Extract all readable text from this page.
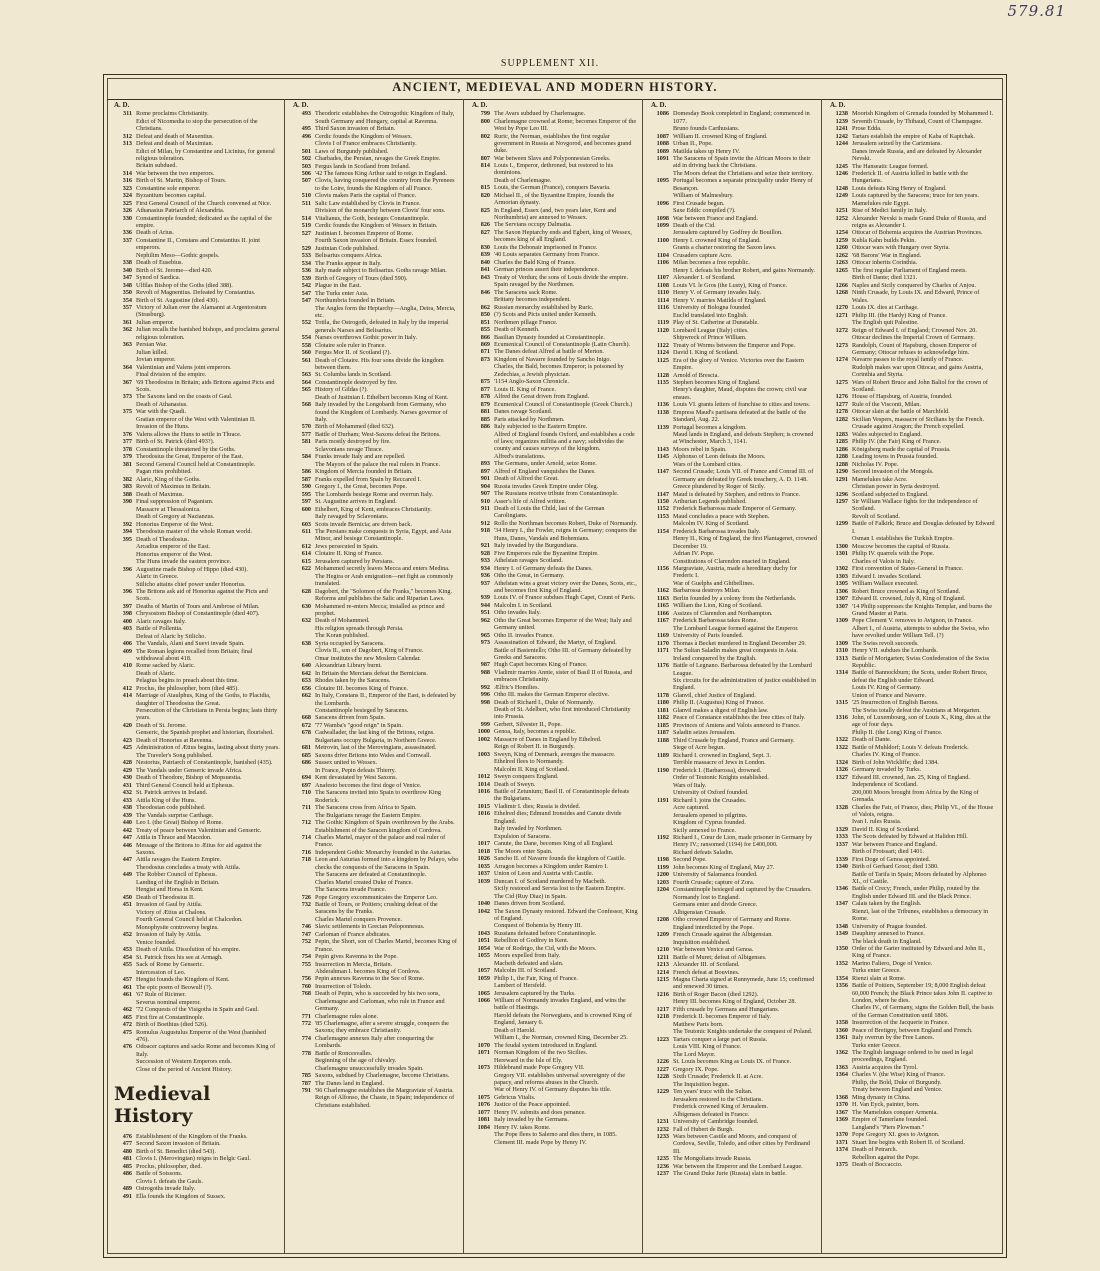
579.81
SUPPLEMENT XII.
ANCIENT, MEDIEVAL AND MODERN HISTORY.
A. D.
311 Rome proclaims Christianity.
Edict of Nicomedia to stop the persecution of the Christians.
312 Defeat and death of Maxentius.
313 Defeat and death of Maximian.
Edict of Milan, by Constantine and Licinius, for general religious toleration.
Britain subdued.
314 War between the two emperors.
316 Birth of St. Martin, Bishop of Tours.
323 Constantine sole emperor.
324 Byzantium becomes capital.
325 First General Council of the Church convened at Nice.
326 Athanasius Patriarch of Alexandria.
330 Constantinople founded; dedicated as the capital of the empire.
336 Death of Arius.
337 Constantine II., Constans and Constantius II. joint emperors.
Nephilim Meso—Gothic gospels.
338 Death of Eusebius.
340 Birth of St. Jerome—died 420.
347 Synod of Sardica.
348 Ulfilas Bishop of the Goths (died 388).
350 Revolt of Magnentius. Defeated by Constantius.
354 Birth of St. Augustine (died 430).
357 Victory of Julian over the Alamanni at Argentoratum (Strasburg).
361 Julian emperor.
362 Julian recalls the banished bishops, and proclaims general religious toleration.
363 Persian War.
Julian killed.
Jovian emperor.
364 Valentinian and Valens joint emperors.
Final division of the empire.
367 '69 Theodosius in Britain; aids Britons against Picts and Scots.
373 The Saxons land on the coasts of Gaul.
Death of Athanasius.
375 War with the Quadi.
Gratian emperor of the West with Valentinian II.
Invasion of the Huns.
376 Valens allows the Huns to settle in Thrace.
377 Birth of St. Patrick (died 493?).
378 Constantinople threatened by the Goths.
379 Theodosius the Great, Emperor of the East.
381 Second General Council held at Constantinople.
Pagan rites prohibited.
382 Alaric, King of the Goths.
383 Revolt of Maximus in Britain.
388 Death of Maximus.
390 Final suppression of Paganism.
Massacre at Thessalonica.
Death of Gregory at Nazianzus.
392 Honorius Emperor of the West.
394 Theodosius master of the whole Roman world.
395 Death of Theodosius.
Arcadius emperor of the East.
Honorius emperor of the West.
The Huns invade the eastern province.
396 Augustine made Bishop of Hippo (died 430).
Alaric in Greece.
Stilicho attains chief power under Honorius.
396 The Britons ask aid of Honorius against the Picts and Scots.
397 Deaths of Martin of Tours and Ambrose of Milan.
398 Chrysostom Bishop of Constantinople (died 407).
400 Alaric ravages Italy.
403 Battle of Pollentia.
Defeat of Alaric by Stilicho.
406 The Vandals, Alani and Suevi invade Spain.
409 The Roman legions recalled from Britain; final withdrawal about 418.
410 Rome sacked by Alaric.
Death of Alaric.
Pelagius begins to preach about this time.
412 Proclus, the philosopher, born (died 485).
414 Marriage of Ataulphus, King of the Goths, to Placidia, daughter of Theodosius the Great.
Persecution of the Christians in Persia begins; lasts thirty years.
420 Death of St. Jerome.
Genseric, the Spanish prophet and historian, flourished.
423 Death of Honorius at Ravenna.
425 Administration of Ætius begins, lasting about thirty years.
The Traveler's Song published.
428 Nestorius, Patriarch of Constantinople, banished (435).
429 The Vandals under Genseric invade Africa.
430 Death of Theodore, Bishop of Mopsuestia.
431 Third General Council held at Ephesus.
432 St. Patrick arrives in Ireland.
433 Attila King of the Huns.
438 Theodosian code published.
439 The Vandals surprise Carthage.
440 Leo I. (the Great) Bishop of Rome.
442 Treaty of peace between Valentinian and Genseric.
447 Attila in Thrace and Macedon.
446 Message of the Britons to Ætius for aid against the Saxons.
447 Attila ravages the Eastern Empire.
Theodosius concludes a treaty with Attila.
449 The Robber Council of Ephesus.
Landing of the English in Britain.
Hengist and Horsa in Kent.
450 Death of Theodosius II.
451 Invasion of Gaul by Attila.
Victory of Ætius at Chalons.
Fourth General Council held at Chalcedon.
Monophysite controversy begins.
452 Invasion of Italy by Attila.
Venice founded.
453 Death of Attila. Dissolution of his empire.
454 St. Patrick fixes his see at Armagh.
455 Sack of Rome by Genseric.
Intercession of Leo.
457 Hengist founds the Kingdom of Kent.
461 The epic poem of Beowulf (?).
461 '67 Rule of Ricimer.
Severus nominal emperor.
462 '72 Conquests of the Visigoths in Spain and Gaul.
465 First fire at Constantinople.
472 Birth of Boethius (died 526).
475 Romulus Augustulus Emperor of the West (banished 476).
476 Odoacer captures and sacks Rome and becomes King of Italy.
Succession of Western Emperors ends.
Close of the period of Ancient History.
Medieval History
476 Establishment of the Kingdom of the Franks.
477 Second Saxon invasion of Britain.
480 Birth of St. Benedict (died 543).
481 Clovis I. (Merovingian) reigns in Belgic Gaul.
485 Proclus, philosopher, died.
486 Battle of Soissons.
Clovis I. defeats the Gauls.
489 Ostrogoths invade Italy.
491 Ella founds the Kingdom of Sussex.
A. D.
493 Theodoric establishes the Ostrogothic Kingdom of Italy, South Germany and Hungary, capital at Ravenna.
495 Third Saxon invasion of Britain.
496 Cerdic founds the Kingdom of Wessex.
Clovis I of France embraces Christianity.
501 Laws of Burgundy published.
502 Charbades, the Persian, ravages the Greek Empire.
503 Fergus lands in Scotland from Ireland.
506 '42 The famous King Arthur said to reign in England.
507 Clovis, having conquered the country from the Pyrenees to the Loire, founds the Kingdom of all France.
510 Clovis makes Paris the capital of France.
511 Salic Law established by Clovis in France.
Division of the monarchy between Clovis' four sons.
514 Vitalianus, the Goth, besieges Constantinople.
519 Cerdic founds the Kingdom of Wessex in Britain.
527 Justinian I. becomes Emperor of Rome.
Fourth Saxon invasion of Britain. Essex founded.
529 Justinian Code published.
533 Belisarius conquers Africa.
534 The Franks appear in Italy.
536 Italy made subject to Belisarius. Goths ravage Milan.
539 Birth of Gregory of Tours (died 590).
542 Plague in the East.
547 The Turks enter Asia.
547 Northumbria founded in Britain.
The Angles form the Heptarchy—Anglia, Deira, Mercia, etc.
552 Totila, the Ostrogoth, defeated in Italy by the imperial generals Narses and Belisarius.
554 Narses overthrows Gothic power in Italy.
558 Clotaire sole ruler in France.
560 Fergus Mor II. of Scotland (?).
561 Death of Clotaire. His four sons divide the kingdom between them.
563 St. Columba lands in Scotland.
564 Constantinople destroyed by fire.
565 History of Gildas (?).
Death of Justinian I. Ethelbert becomes King of Kent.
568 Italy invaded by the Longobardi from Germany, who found the Kingdom of Lombardy. Narses governor of Italy.
570 Birth of Mohammed (died 632).
577 Battle of Durham; West-Saxons defeat the Britons.
581 Paris mostly destroyed by fire.
Sclavonians ravage Thrace.
584 Franks invade Italy and are repelled.
The Mayors of the palace the real rulers in France.
586 Kingdom of Mercia founded in Britain.
587 Franks expelled from Spain by Reccared I.
590 Gregory I., the Great, becomes Pope.
595 The Lombards besiege Rome and overrun Italy.
597 St. Augustine arrives in England.
600 Ethelbert, King of Kent, embraces Christianity.
Italy ravaged by Sclavonians.
603 Scots invade Bernicia; are driven back.
611 The Persians make conquests in Syria, Egypt, and Asia Minor, and besiege Constantinople.
612 Jews persecuted in Spain.
614 Clotaire II. King of France.
615 Jerusalem captured by Persians.
622 Mohammed secretly leaves Mecca and enters Medina.
The Hegira or Arab emigration—net fight as commonly translated.
628 Dagobert, the "Solomon of the Franks," becomes King.
Reforms and publishes the Salic and Riparian Laws.
630 Mohammed re-enters Mecca; installed as prince and prophet.
632 Death of Mohammed.
His religion spreads through Persia.
The Koran published.
638 Syria occupied by Saracens.
Clovis II., son of Dagobert, King of France.
Omar institutes the new Moslem Calendar.
640 Alexandrian Library burnt.
642 In Britain the Mercians defeat the Bernicians.
653 Rhodes taken by the Saracens.
656 Clotaire III. becomes King of France.
662 In Italy, Constans II., Emperor of the East, is defeated by the Lombards.
Constantinople besieged by Saracens.
668 Saracens driven from Spain.
672 '77 Wamba's "good reign" in Spain.
678 Cadwallader, the last king of the Britons, reigns.
Bulgarians occupy Bulgaria, in Northern Greece.
681 Metrovin, last of the Merovingians, assassinated.
685 Saxons drive Britons into Wales and Cornwall.
686 Sussex united to Wessex.
In France, Pepin defeats Thierry.
694 Kent devastated by West Saxons.
697 Anafesto becomes the first doge of Venice.
710 The Saracens invited into Spain to overthrow King Roderick.
711 The Saracens cross from Africa to Spain.
The Bulgarians ravage the Eastern Empire.
712 The Gothic Kingdom of Spain overthrown by the Arabs.
Establishment of the Saracen kingdom of Cordova.
714 Charles Martel, mayor of the palace and real ruler of France.
716 Independent Gothic Monarchy founded in the Asturias.
718 Leon and Asturias formed into a kingdom by Pelayo, who checks the conquests of the Saracens in Spain.
The Saracens are defeated at Constantinople.
Charles Martel created Duke of France.
The Saracens invade France.
726 Pope Gregory excommunicates the Emperor Leo.
732 Battle of Tours, or Poitiers; crushing defeat of the Saracens by the Franks.
Charles Martel conquers Provence.
746 Slavic settlements in Grecian Peloponnesus.
747 Carloman of France abdicates.
752 Pepin, the Short, son of Charles Martel, becomes King of France.
754 Pepin gives Ravenna to the Pope.
755 Insurrection in Mercia, Britain.
Abderahman I. becomes King of Cordova.
756 Pepin annexes Ravenna to the See of Rome.
760 Insurrection of Toledo.
768 Death of Pepin, who is succeeded by his two sons, Charlemagne and Carloman, who rule in France and Germany.
771 Charlemagne rules alone.
772 '85 Charlemagne, after a severe struggle, conquers the Saxons; they embrace Christianity.
774 Charlemagne annexes Italy after conquering the Lombards.
778 Battle of Roncesvalles.
Beginning of the age of chivalry.
Charlemagne unsuccessfully invades Spain.
785 Saxons, subdued by Charlemagne, become Christians.
787 The Danes land in England.
791 '96 Charlemagne establishes the Margraviate of Austria.
Reign of Alfonso, the Chaste, in Spain; independence of Christians established.
A. D.
799 The Avars subdued by Charlemagne.
800 Charlemagne crowned at Rome; becomes Emperor of the West by Pope Leo III.
802 Ruric, the Norman, establishes the first regular government in Russia at Novgorod, and becomes grand duke.
807 War between Slavs and Polyponnesian Greeks.
814 Louis I., Emperor, dethroned, but restored to his dominions.
Death of Charlemagne.
815 Louis, the German (France), conquers Bavaria.
820 Michael II., of the Byzantine Empire, founds the Armorian dynasty.
825 In England, Essex (and, two years later, Kent and Northumbria) are annexed to Wessex.
826 The Servians occupy Dalmatia.
827 The Saxon Heptarchy ends and Egbert, king of Wessex, becomes king of all England.
830 Louis the Debonair imprisoned in France.
839 '40 Louis separates Germany from France.
840 Charles the Bald King of France.
841 German princes assert their independence.
843 Treaty of Verdun; the sons of Louis divide the empire.
Spain ravaged by the Northmen.
846 The Saracens sack Rome.
Brittany becomes independent.
862 Russian monarchy established by Ruric.
850 (?) Scots and Picts united under Kenneth.
851 Northmen pillage France.
855 Death of Kenneth.
866 Basilian Dynasty founded at Constantinople.
869 Ecumenical Council of Constantinople (Latin Church).
871 The Danes defeat Alfred at battle of Merton.
873 Kingdom of Navarre founded by Sancho Inigo.
Charles, the Bald, becomes Emperor; is poisoned by Zedechias, a Jewish physician.
875 '1154 Anglo-Saxon Chronicle.
877 Louis II. King of France.
878 Alfred the Great driven from England.
879 Ecumenical Council of Constantinople (Greek Church.)
881 Danes ravage Scotland.
885 Paris attacked by Northmen.
886 Italy subjected to the Eastern Empire.
Alfred of England founds Oxford, and establishes a code of laws; organizes militia and a navy; subdivides the county and causes surveys of the kingdom.
Alfred's translations.
893 The Germans, under Arnold, seize Rome.
897 Alfred of England vanquishes the Danes.
901 Death of Alfred the Great.
904 Russia invades Greek Empire under Oleg.
907 The Russians receive tribute from Constantinople.
910 Asser's life of Alfred written.
911 Death of Louis the Child, last of the German Carolingians.
912 Rollo the Northman becomes Robert, Duke of Normandy.
918 '34 Henry I., the Fowler, reigns in Germany; conquers the Huns, Danes, Vandals and Bohemians.
921 Italy invaded by the Burgundians.
928 Five Emperors rule the Byzantine Empire.
933 Athelstan ravages Scotland.
934 Henry I. of Germany defeats the Danes.
936 Otho the Great, in Germany.
937 Athelstan wins a great victory over the Danes, Scots, etc., and becomes first King of England.
939 Louis IV. of France subdues Hugh Capet, Count of Paris.
944 Malcolm I. in Scotland.
951 Otho invades Italy.
962 Otho the Great becomes Emperor of the West; Italy and Germany united.
965 Otho II. invades France.
973 Assassination of Edward, the Martyr, of England.
Battle of Basientello; Otho III. of Germany defeated by Greeks and Saracens.
987 Hugh Capet becomes King of France.
988 Vladimir marries Annie, sister of Basil II of Russia, and embraces Christianity.
992 Ælfric's Homilies.
996 Otho III. makes the German Emperor elective.
998 Death of Richard I., Duke of Normandy.
Death of St. Adelbert, who first introduced Christianity into Prussia.
999 Gerbert, Silvester II., Pope.
1000 Genoa, Italy, becomes a republic.
1002 Massacre of Danes in England by Ethelred.
Reign of Robert II. in Burgundy.
1003 Sweyn, King of Denmark, avenges the massacre.
Ethelred flees to Normandy.
Malcolm II. King of Scotland.
1012 Sweyn conquers England.
1014 Death of Sweyn.
1016 Battle of Zetunium; Basil II. of Constantinople defeats the Bulgarians.
1015 Vladimir I. dies; Russia is divided.
1016 Ethelred dies; Edmund Ironsides and Canute divide England.
Italy invaded by Northmen.
Expulsion of Saracens.
1017 Canute, the Dane, becomes King of all England.
1018 The Moors enter Spain.
1026 Sancho II. of Navarre founds the kingdom of Castile.
1035 Arragon becomes a Kingdom under Ramiro I.
1037 Union of Leon and Austria with Castile.
1039 Duncan I. of Scotland murdered by Macbeth.
Sicily restored and Servia lost to the Eastern Empire.
The Cid (Ruy Diaz) in Spain.
1040 Danes driven from Scotland.
1042 The Saxon Dynasty restored. Edward the Confessor, King of England.
Conquest of Bohemia by Henry III.
1043 Russians defeated before Constantinople.
1051 Rebellion of Godfrey in Kent.
1054 War of Rodrigo, the Cid, with the Moors.
1055 Moors expelled from Italy.
Macbeth defeated and slain.
1057 Malcolm III. of Scotland.
1059 Philip I., the Fair, King of France.
Lambert of Hersfeld.
1065 Jerusalem captured by the Turks.
1066 William of Normandy invades England, and wins the battle of Hastings.
Harold defeats the Norwegians, and is crowned King of England, January 6.
Death of Harold.
William I., the Norman, crowned King, December 25.
1070 The feudal system introduced in England.
1071 Norman Kingdom of the two Sicilies.
Hereward in the Isle of Ely.
1073 Hildebrand made Pope Gregory VII.
Gregory VII. establishes universal sovereignty of the papacy, and reforms abuses in the Church.
War of Henry IV. of Germany disputes his title.
1075 Gebricus Vitalis.
1076 Justice of the Peace appointed.
1077 Henry IV. submits and does penance.
1081 Italy invaded by the Germans.
1084 Henry IV. takes Rome.
The Pope flees to Salerno and dies there, in 1085.
Clement III. made Pope by Henry IV.
A. D.
1086 Domesday Book completed in England; commenced in 1077.
Bruno founds Carthusians.
1087 William II. crowned King of England.
1088 Urban II., Pope.
1089 Matilda takes up Henry IV.
1091 The Saracens of Spain invite the African Moors to their aid in driving back the Christians.
The Moors defeat the Christians and seize their territory.
1095 Portugal becomes a separate principality under Henry of Besançon.
William of Malmesbury.
1096 First Crusade begun.
Saxe Eddic compiled (?).
1098 War between France and England.
1099 Death of the Cid.
Jerusalem captured by Godfrey de Bouillon.
1100 Henry I. crowned King of England.
Grants a charter restoring the Saxon laws.
1104 Crusaders capture Acre.
1106 Milan becomes a free republic.
Henry I. defeats his brother Robert, and gains Normandy.
1107 Alexander I. of Scotland.
1108 Louis VI. le Gros (the Lusty), King of France.
1110 Henry V. of Germany invades Italy.
1114 Henry V. marries Matilda of England.
1116 University of Bologna founded.
Euclid translated into English.
1119 Play of St. Catherine at Dunstable.
1120 Lombard League (Italy) cities.
Shipwreck of Prince William.
1122 Treaty of Worms between the Emperor and Pope.
1124 David I. King of Scotland.
1125 Era of the glory of Venice. Victories over the Eastern Empire.
1128 Arnold of Brescia.
1135 Stephen becomes King of England.
Henry's daughter, Maud, disputes the crown; civil war ensues.
1136 Louis VI. grants letters of franchise to cities and towns.
1138 Empress Maud's partisans defeated at the battle of the Standard, Aug. 22.
1139 Portugal becomes a kingdom.
Maud lands in England, and defeats Stephen; is crowned at Winchester, March 3, 1141.
1143 Moors rebel in Spain.
1145 Alphonso of Leon defeats the Moors.
Wars of the Lombard cities.
1147 Second Crusade; Louis VII. of France and Conrad III. of Germany are defeated by Greek treachery, A. D. 1148.
Greece plundered by Roger of Sicily.
1147 Maud is defeated by Stephen, and retires to France.
1150 Arthurian Legends published.
1152 Frederick Barbarossa made Emperor of Germany.
1153 Maud concludes a peace with Stephen.
Malcolm IV. King of Scotland.
1154 Frederick Barbarossa invades Italy.
Henry II., King of England, the first Plantagenet, crowned December 19.
Adrian IV. Pope.
Constitutions of Clarendon enacted in England.
1156 Margraviate, Austria, made a hereditary duchy for Frederic I.
War of Guelphs and Ghibellines.
1162 Barbarossa destroys Milan.
1163 Berlin founded by a colony from the Netherlands.
1165 William the Lion, King of Scotland.
1166 Assizes of Clarendon and Northampton.
1167 Frederick Barbarossa takes Rome.
The Lombard League formed against the Emperor.
1169 University of Paris founded.
1170 Thomas à Becket murdered in England December 29.
1171 The Sultan Saladin makes great conquests in Asia.
Ireland conquered by the English.
1176 Battle of Legnano. Barbarossa defeated by the Lombard League.
Six circuits for the administration of justice established in England.
1178 Glanvil, chief Justice of England.
1180 Philip II. (Augustus) King of France.
1181 Glanvil makes a digest of English law.
1182 Peace of Constance establishes the free cities of Italy.
1185 Provinces of Amiens and Valois annexed to France.
1187 Saladin seizes Jerusalem.
1188 Third Crusade by England, France and Germany.
Siege of Acre begun.
1189 Richard I. crowned in England, Sept. 3.
Terrible massacre of Jews in London.
1190 Frederick I. (Barbarossa), drowned.
Order of Teutonic Knights established.
Wars of Italy.
University of Oxford founded.
1191 Richard I. joins the Crusades.
Acre captured.
Jerusalem opened to pilgrims.
Kingdom of Cyprus founded.
Sicily annexed to France.
1192 Richard I., Cœur de Lion, made prisoner in Germany by Henry IV.; ransomed (1194) for £400,000.
Richard defeats Saladin.
1198 Second Pope.
1199 John becomes King of England, May 27.
1200 University of Salamanca founded.
1203 Fourth Crusade; capture of Zora.
1204 Constantinople besieged and captured by the Crusaders.
Normandy lost to England.
Germans enter and divide Greece.
Albigensian Crusade.
1208 Otho crowned Emperor of Germany and Rome.
England interdicted by the Pope.
1209 French Crusade against the Albigensian.
Inquisition established.
1210 War between Venice and Genoa.
1211 Battle of Muret; defeat of Albigenses.
1213 Alexander III. of Scotland.
1214 French defeat at Bouvines.
1215 Magna Charta signed at Runnymede, June 15; confirmed and renewed 30 times.
1216 Birth of Roger Bacon (died 1292).
Henry III. becomes King of England, October 28.
1217 Fifth crusade by Germans and Hungarians.
1218 Frederick II. becomes Emperor of Italy.
Matthew Paris born.
The Teutonic Knights undertake the conquest of Poland.
1223 Tartars conquer a large part of Russia.
Louis VIII. King of France.
The Lord Mayor.
1226 St. Louis becomes King as Louis IX. of France.
1227 Gregory IX. Pope.
1228 Sixth Crusade; Frederick II. at Acre.
The Inquisition begun.
1229 Ten years' truce with the Sultan.
Jerusalem restored to the Christians.
Frederick crowned King of Jerusalem.
Albigenses defeated in France.
1231 University of Cambridge founded.
1232 Fall of Hubert de Burgh.
1233 Wars between Castile and Moors, and conquest of Cordova, Seville, Toledo, and other cities by Ferdinand III.
1235 The Mongolians invade Russia.
1236 War between the Emperor and the Lombard League.
1237 The Grand Duke Jurie (Russia) slain in battle.
A. D.
1238 Moorish Kingdom of Grenada founded by Mohammed I.
1239 Seventh Crusade, by Thibaud, Count of Champagne.
1241 Prose Edda.
1242 Tartars establish the empire of Kaba of Kaptchak.
1244 Jerusalem seized by the Carizmians.
Danes invade Russia, and are defeated by Alexander Nevski.
1245 The Hanseatic League formed.
1246 Frederick II. of Austria killed in battle with the Hungarians.
1248 Louis defeats King Henry of England.
1249 Louis captured by the Saracens; truce for ten years.
Mamelukes rule Egypt.
1251 Rise of Medici family in Italy.
1252 Alexander Nevski is made Grand Duke of Russia, and reigns as Alexander I.
1254 Ottocar of Bohemia acquires the Austrian Provinces.
1259 Kubla Kahn builds Pekin.
1260 Ottocar wars with Hungary over Styria.
1262 '68 Barons' War in England.
1263 Ottocar inherits Corinthia.
1265 The first regular Parliament of England meets.
Birth of Dante; died 1321.
1266 Naples and Sicily conquered by Charles of Anjou.
1268 Ninth Crusade, by Louis IX. and Edward, Prince of Wales.
1270 Louis IX. dies at Carthage.
1271 Philip III. (the Hardy) King of France.
The English quit Palestine.
1272 Reign of Edward I. of England; Crowned Nov. 20.
Ottocar declines the Imperial Crown of Germany.
1273 Randolph, Count of Hapsburg, chosen Emperor of Germany; Ottocar refuses to acknowledge him.
1274 Navarre passes to the royal family of France.
Rudolph makes war upon Ottocar, and gains Austria, Corinthia and Styria.
1275 Wars of Robert Bruce and John Baliol for the crown of Scotland.
1276 House of Hapsburg, of Austria, founded.
1277 Rule of the Visconti, Milan.
1278 Ottocar slain at the battle of Marchfeld.
1282 Sicilian Vespers, massacre of Sicilians by the French.
Crusade against Aragon; the French expelled.
1283 Wales subjected to England.
1285 Philip IV. (the Fair) King of France.
1286 Königsberg made the capital of Prussia.
1288 Leading towns in Prussia founded.
1288 Nicholas IV. Pope.
1290 Second invasion of the Mongols.
1291 Mamelukes take Acre.
Christian power in Syria destroyed.
1296 Scotland subjected to England.
1297 Sir William Wallace fights for the independence of Scotland.
Revolt of Scotland.
1299 Battle of Falkirk; Bruce and Douglas defeated by Edward I.
Osman I. establishes the Turkish Empire.
1300 Moscow becomes the capital of Russia.
1301 Philip IV. quarrels with the Pope.
Charles of Valois in Italy.
1302 First convention of States-General in France.
1303 Edward I. invades Scotland.
1305 William Wallace executed.
1306 Robert Bruce crowned as King of Scotland.
1307 Edward II. crowned, July 8, King of England.
1307 '14 Philip suppresses the Knights Templar, and burns the Grand Master at Paris.
1309 Pope Clement V. removes to Avignon, in France.
Albert I., of Austria, attempts to subdue the Swiss, who have revolted under William Tell. (?)
1309 The Swiss revolt succeeds.
1310 Henry VII. subdues the Lombards.
1313 Battle of Mortgarten; Swiss Confederation of the Swiss Republic.
1314 Battle of Bannockburn; the Scots, under Robert Bruce, defeat the English under Edward.
Louis IV. King of Germany.
Union of France and Navarre.
1315 '25 Insurrection of English Barons.
The Swiss totally defeat the Austrians at Morgarten.
1316 John, of Luxembourg, son of Louis X., King, dies at the age of four days.
Philip II. (the Long) King of France.
1322 Death of Dante.
1322 Battle of Muhldorf; Louis V. defeats Frederick.
Charles IV. King of France.
1324 Birth of John Wickliffe; died 1384.
1326 Germany invaded by Turks.
1327 Edward III. crowned, Jan. 25, King of England.
Independence of Scotland.
200,000 Moors brought from Africa by the King of Grenada.
1328 Charles the Fair, of France, dies; Philip VI., of the House of Valois, reigns.
Ivan I. rules Russia.
1329 David II. King of Scotland.
1333 The Scots defeated by Edward at Halidon Hill.
1337 War between France and England.
Birth of Froissart; died 1401.
1339 First Doge of Genoa appointed.
1340 Birth of Gerhard Groot; died 1380.
Battle of Tarifa in Spain; Moors defeated by Alphonso XI., of Castile.
1346 Battle of Crecy; French, under Philip, routed by the English under Edward III. and the Black Prince.
1347 Calais taken by the English.
Rienzi, last of the Tribunes, establishes a democracy in Rome.
1348 University of Prague founded.
1349 Dauphiny annexed to France.
The black death in England.
1350 Order of the Garter instituted by Edward and John II., King of France.
1352 Marino Faliero, Doge of Venice.
Turks enter Greece.
1354 Rienzi slain at Rome.
1356 Battle of Poitiers, September 19; 8,000 English defeat 60,000 French; the Black Prince takes John II. captive to London, where he dies.
Charles IV., of Germany, signs the Golden Bull, the basis of the German Constitution until 1806.
1358 Insurrection of the Jacquerie in France.
1360 Peace of Bretigny, between England and French.
1361 Italy overrun by the Free Lances.
Turks enter Greece.
1362 The English language ordered to be used in legal proceedings, England.
1363 Austria acquires the Tyrol.
1364 Charles V. (the Wise) King of France.
Philip, the Bold, Duke of Burgundy.
Treaty between England and Venice.
1368 Ming dynasty in China.
1370 H. Van Eyck, painter, born.
1367 The Mamelukes conquer Armenia.
1369 Empire of Tamerlane founded.
Langland's "Piers Plowman."
1370 Pope Gregory XI. goes to Avignon.
1371 Stuart line begins with Robert II. of Scotland.
1374 Death of Petrarch.
Rebellion against the Pope.
1375 Death of Boccaccio.
